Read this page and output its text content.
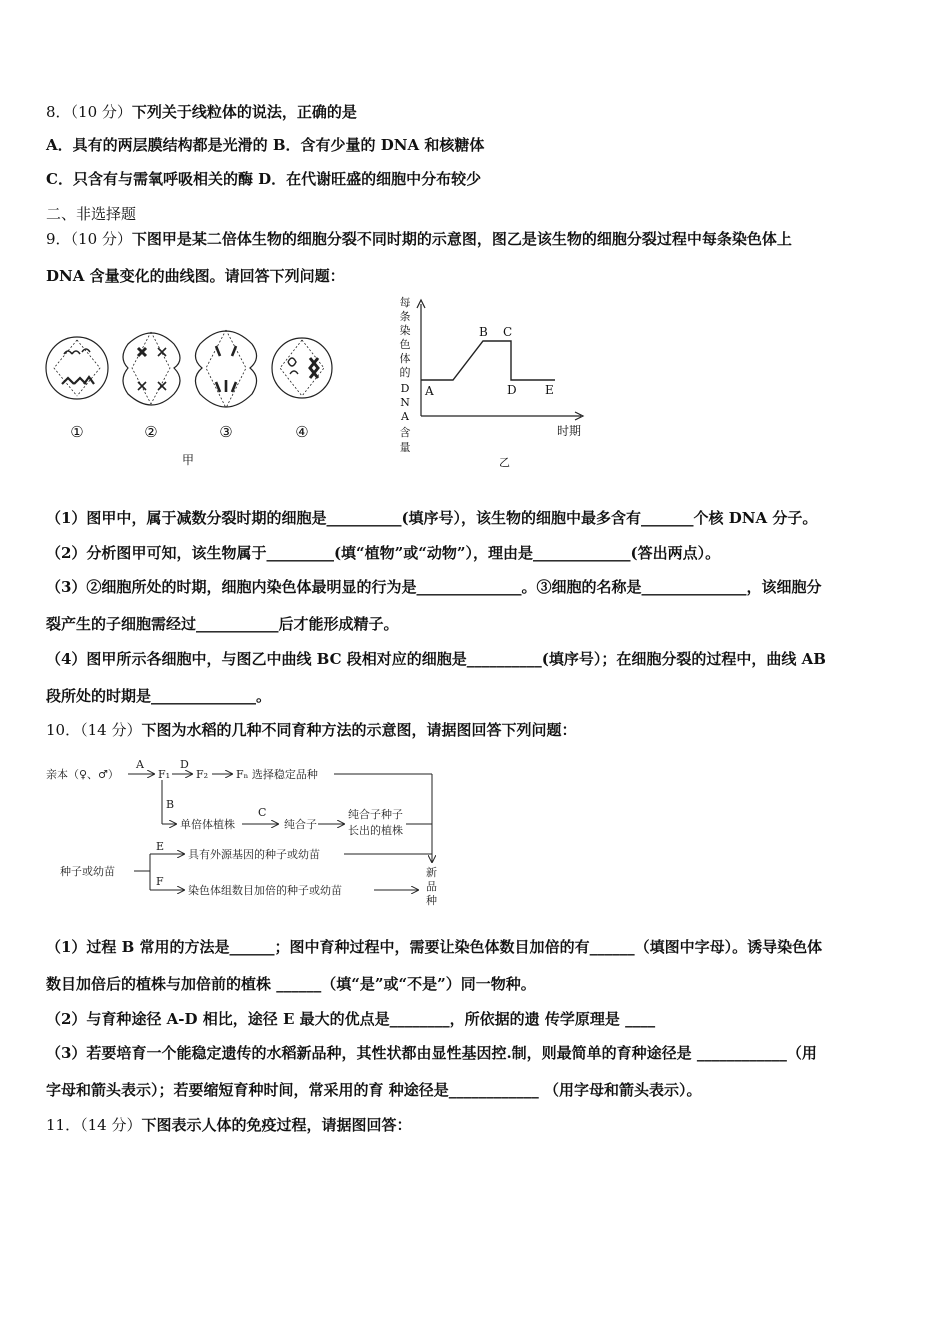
8．（10 分）下列关于线粒体的说法，正确的是
A．具有的两层膜结构都是光滑的 B．含有少量的 DNA 和核糖体
C．只含有与需氧呼吸相关的酶 D．在代谢旺盛的细胞中分布较少
二、非选择题
9．（10 分）下图甲是某二倍体生物的细胞分裂不同时期的示意图，图乙是该生物的细胞分裂过程中每条染色体上
DNA 含量变化的曲线图。请回答下列问题：
①	②	③	④
甲
每
条
染
色
体
的
D
N
A
含
量
A
B C
D E
时期
乙
（1）图甲中，属于减数分裂时期的细胞是__________(填序号），该生物的细胞中最多含有_______个核 DNA 分子。
（2）分析图甲可知，该生物属于_________(填“植物”或“动物”），理由是_____________(答出两点）。
（3）②细胞所处的时期，细胞内染色体最明显的行为是______________。③细胞的名称是______________，该细胞分
裂产生的子细胞需经过___________后才能形成精子。
（4）图甲所示各细胞中，与图乙中曲线 BC 段相对应的细胞是__________(填序号）；在细胞分裂的过程中，曲线 AB
段所处的时期是______________。
10．（14 分）下图为水稻的几种不同育种方法的示意图，请据图回答下列问题：
亲本（♀、♂）
A
F₁
D
F₂	Fₙ 选择稳定品种
B
单倍体植株
C
纯合子
纯合子种子
长出的植株
种子或幼苗
E
具有外源基因的种子或幼苗
F
染色体组数目加倍的种子或幼苗
新
品
种
（1）过程 B 常用的方法是______；图中育种过程中，需要让染色体数目加倍的有______（填图中字母）。诱导染色体
数目加倍后的植株与加倍前的植株 ______（填“是”或“不是”）同一物种。
（2）与育种途径 A-D 相比，途径 E 最大的优点是________，所依据的遗 传学原理是 ____
（3）若要培育一个能稳定遗传的水稻新品种，其性状都由显性基因控.制，则最简单的育种途径是 ____________（用
字母和箭头表示）；若要缩短育种时间，常采用的育 种途径是____________ （用字母和箭头表示）。
11．（14 分）下图表示人体的免疫过程，请据图回答：
